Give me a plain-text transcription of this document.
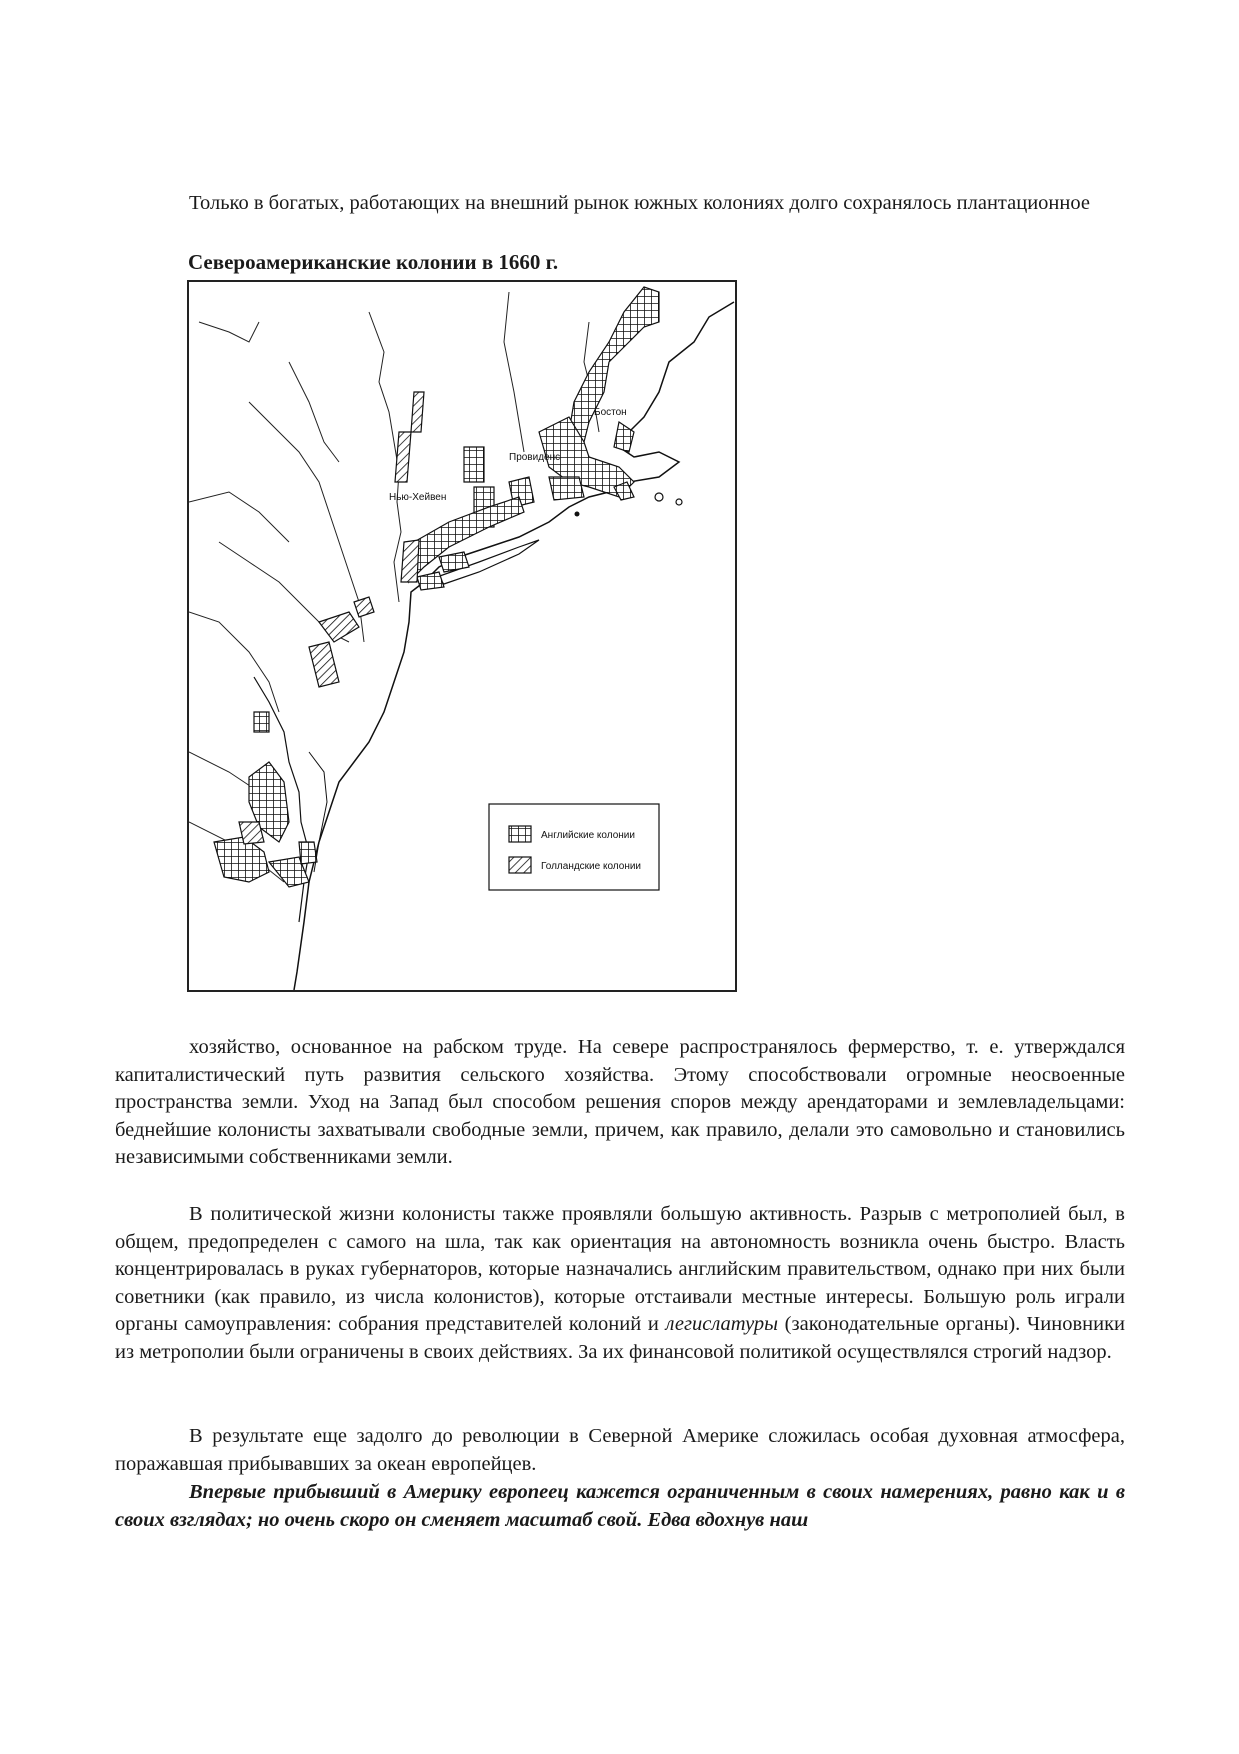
Только в богатых, работающих на внешний рынок южных колониях долго сохранялось плантационное

Североамериканские колонии в 1660 г.

Бостон
Провиденс
Нью-Хейвен
Английские колонии
Голландские колонии

хозяйство, основанное на рабском труде. На севере распространялось фермерство, т. е. утверждался капиталистический путь развития сельского хозяйства. Этому способствовали огромные неосвоенные пространства земли. Уход на Запад был способом решения споров между арендаторами и землевладельцами: беднейшие колонисты захватывали свободные земли, причем, как правило, делали это самовольно и становились независимыми собственниками земли.

В политической жизни колонисты также проявляли большую активность. Разрыв с метрополией был, в общем, предопределен с самого на шла, так как ориентация на автономность возникла очень быстро. Власть концентрировалась в руках губернаторов, которые назначались английским правительством, однако при них были советники (как правило, из числа колонистов), которые отстаивали местные интересы. Большую роль играли органы самоуправления: собрания представителей колоний и легислатуры (законодательные органы). Чиновники из метрополии были ограничены в своих действиях. За их финансовой политикой осуществлялся строгий надзор.

В результате еще задолго до революции в Северной Америке сложилась особая духовная атмосфера, поражавшая прибывавших за океан европейцев.

Впервые прибывший в Америку европеец кажется ограниченным в своих намерениях, равно как и в своих взглядах; но очень скоро он сменяет масштаб свой. Едва вдохнув наш
